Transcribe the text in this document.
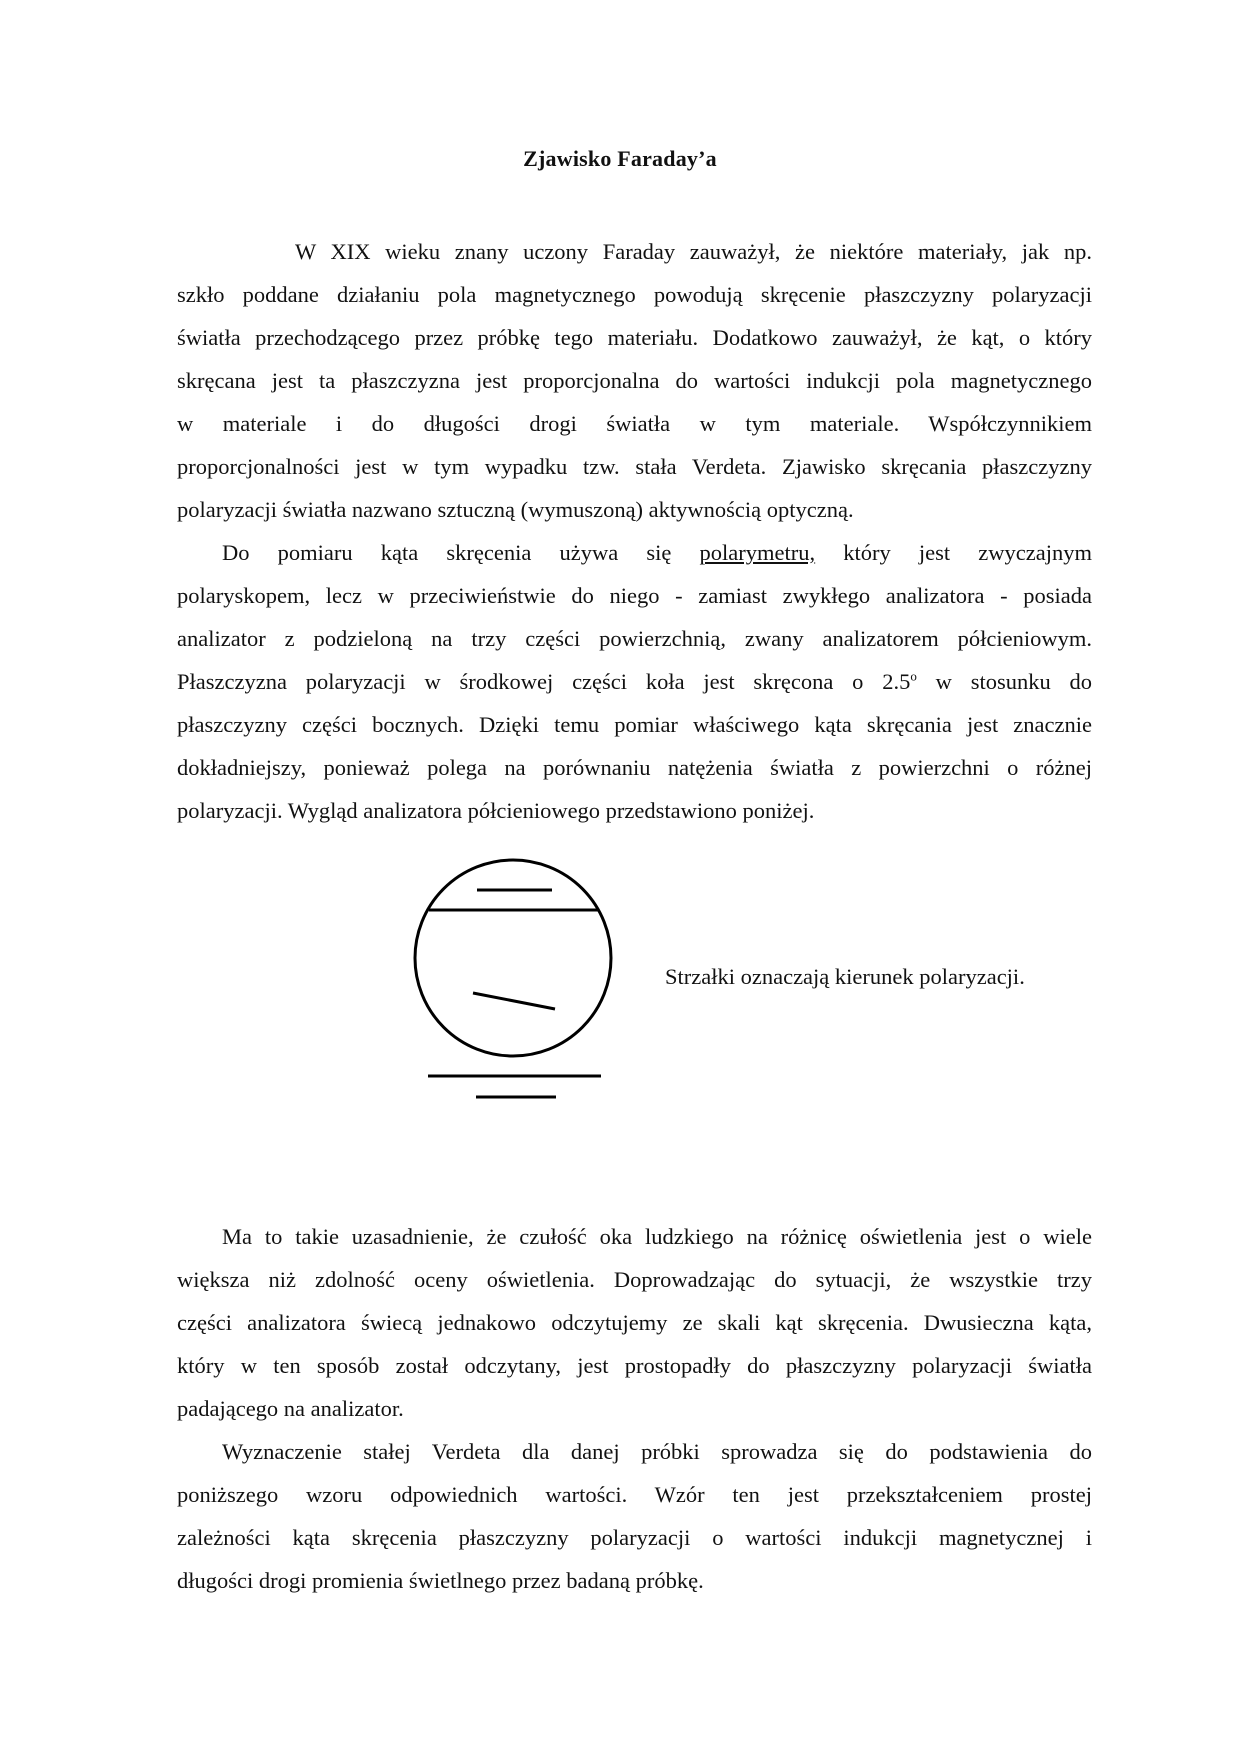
Zjawisko Faraday’a
W XIX wieku znany uczony Faraday zauważył, że niektóre materiały, jak np.
szkło poddane działaniu pola magnetycznego powodują skręcenie płaszczyzny polaryzacji
światła przechodzącego przez próbkę tego materiału. Dodatkowo zauważył, że kąt, o który
skręcana jest ta płaszczyzna jest proporcjonalna do wartości indukcji pola magnetycznego
w materiale i do długości drogi światła w tym materiale. Współczynnikiem
proporcjonalności jest w tym wypadku tzw. stała Verdeta. Zjawisko skręcania płaszczyzny
polaryzacji światła nazwano sztuczną (wymuszoną) aktywnością optyczną.
Do pomiaru kąta skręcenia używa się polarymetru, który jest zwyczajnym
polaryskopem, lecz w przeciwieństwie do niego - zamiast zwykłego analizatora - posiada
analizator z podzieloną na trzy części powierzchnią, zwany analizatorem półcieniowym.
Płaszczyzna polaryzacji w środkowej części koła jest skręcona o 2.5$^o$ w stosunku do
płaszczyzny części bocznych. Dzięki temu pomiar właściwego kąta skręcania jest znacznie
dokładniejszy, ponieważ polega na porównaniu natężenia światła z powierzchni o różnej
polaryzacji. Wygląd analizatora półcieniowego przedstawiono poniżej.
Strzałki oznaczają kierunek polaryzacji.
Ma to takie uzasadnienie, że czułość oka ludzkiego na różnicę oświetlenia jest o wiele
większa niż zdolność oceny oświetlenia. Doprowadzając do sytuacji, że wszystkie trzy
części analizatora świecą jednakowo odczytujemy ze skali kąt skręcenia. Dwusieczna kąta,
który w ten sposób został odczytany, jest prostopadły do płaszczyzny polaryzacji światła
padającego na analizator.
Wyznaczenie stałej Verdeta dla danej próbki sprowadza się do podstawienia do
poniższego wzoru odpowiednich wartości. Wzór ten jest przekształceniem prostej
zależności kąta skręcenia płaszczyzny polaryzacji o wartości indukcji magnetycznej i
długości drogi promienia świetlnego przez badaną próbkę.
